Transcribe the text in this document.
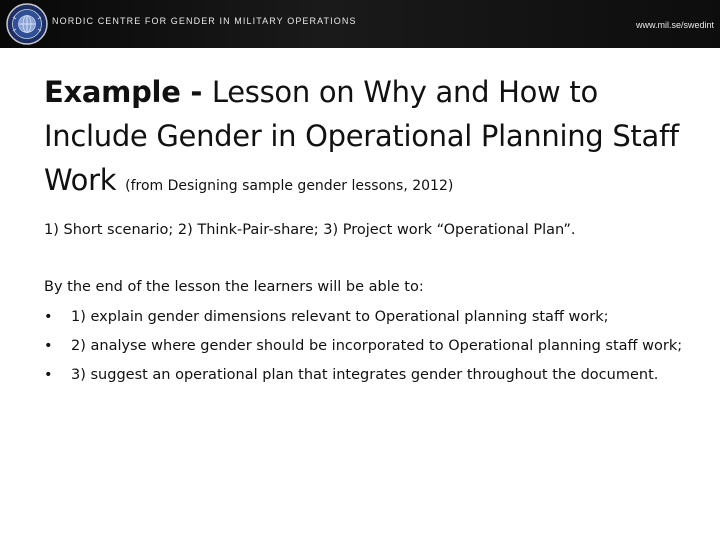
NORDIC CENTRE FOR GENDER IN MILITARY OPERATIONS	www.mil.se/swedint
Example - Lesson on Why and How to Include Gender in Operational Planning Staff Work (from Designing sample gender lessons, 2012)
1) Short scenario; 2) Think-Pair-share; 3) Project work “Operational Plan”.
By the end of the lesson the learners will be able to:
• 1) explain gender dimensions relevant to Operational planning staff work;
• 2) analyse where gender should be incorporated to Operational planning staff work;
• 3) suggest an operational plan that integrates gender throughout the document.
